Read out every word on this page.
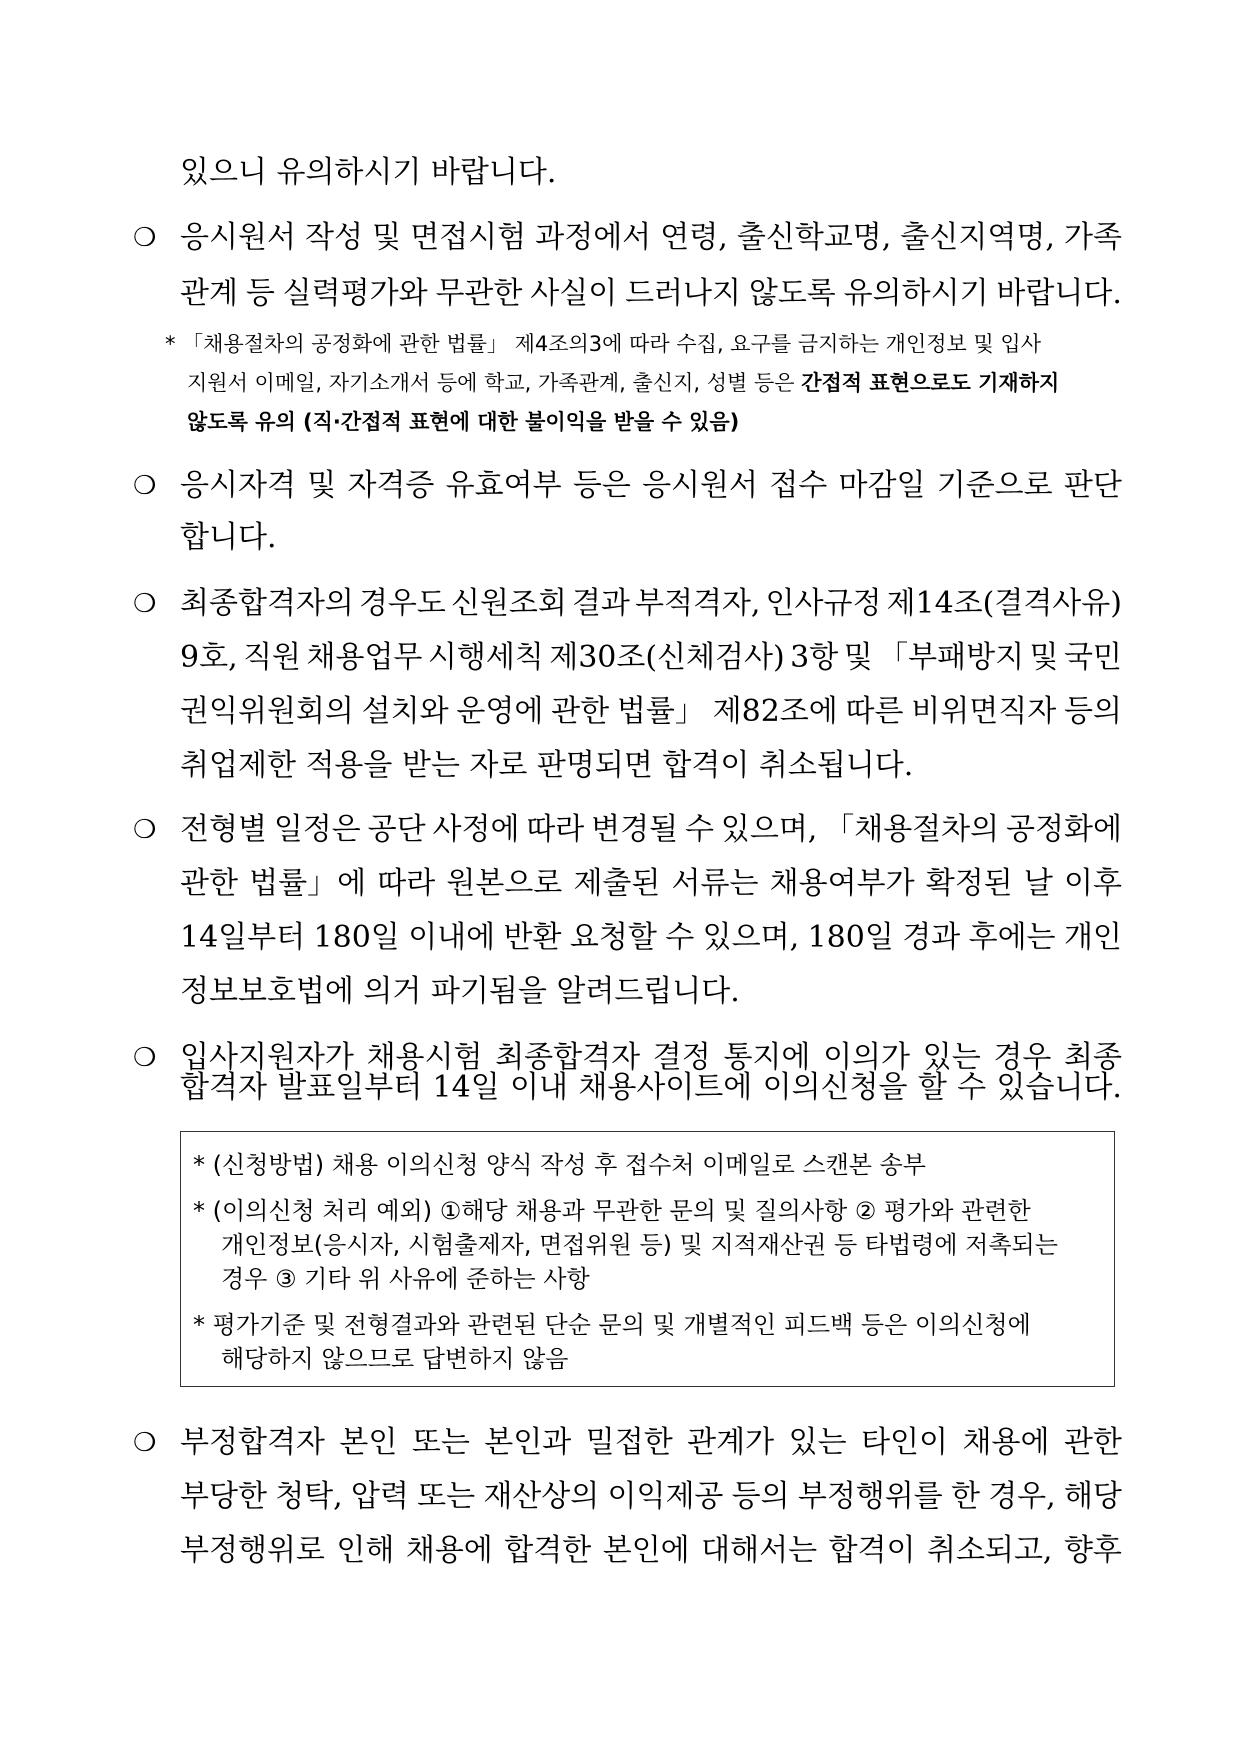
있으니 유의하시기 바랍니다.
❍ 응시원서 작성 및 면접시험 과정에서 연령, 출신학교명, 출신지역명, 가족
관계 등 실력평가와 무관한 사실이 드러나지 않도록 유의하시기 바랍니다.
* 「채용절차의 공정화에 관한 법률」 제4조의3에 따라 수집, 요구를 금지하는 개인정보 및 입사
지원서 이메일, 자기소개서 등에 학교, 가족관계, 출신지, 성별 등은 간접적 표현으로도 기재하지
않도록 유의 (직·간접적 표현에 대한 불이익을 받을 수 있음)
❍ 응시자격 및 자격증 유효여부 등은 응시원서 접수 마감일 기준으로 판단
합니다.
❍ 최종합격자의 경우도 신원조회 결과 부적격자, 인사규정 제14조(결격사유)
9호, 직원 채용업무 시행세칙 제30조(신체검사) 3항 및 「부패방지 및 국민
권익위원회의 설치와 운영에 관한 법률」 제82조에 따른 비위면직자 등의
취업제한 적용을 받는 자로 판명되면 합격이 취소됩니다.
❍ 전형별 일정은 공단 사정에 따라 변경될 수 있으며, 「채용절차의 공정화에
관한 법률」에 따라 원본으로 제출된 서류는 채용여부가 확정된 날 이후
14일부터 180일 이내에 반환 요청할 수 있으며, 180일 경과 후에는 개인
정보보호법에 의거 파기됨을 알려드립니다.
❍ 입사지원자가 채용시험 최종합격자 결정 통지에 이의가 있는 경우 최종
합격자 발표일부터 14일 이내 채용사이트에 이의신청을 할 수 있습니다.
* (신청방법) 채용 이의신청 양식 작성 후 접수처 이메일로 스캔본 송부
* (이의신청 처리 예외) ①해당 채용과 무관한 문의 및 질의사항 ② 평가와 관련한
개인정보(응시자, 시험출제자, 면접위원 등) 및 지적재산권 등 타법령에 저촉되는
경우 ③ 기타 위 사유에 준하는 사항
* 평가기준 및 전형결과와 관련된 단순 문의 및 개별적인 피드백 등은 이의신청에
해당하지 않으므로 답변하지 않음
❍ 부정합격자 본인 또는 본인과 밀접한 관계가 있는 타인이 채용에 관한
부당한 청탁, 압력 또는 재산상의 이익제공 등의 부정행위를 한 경우, 해당
부정행위로 인해 채용에 합격한 본인에 대해서는 합격이 취소되고, 향후
